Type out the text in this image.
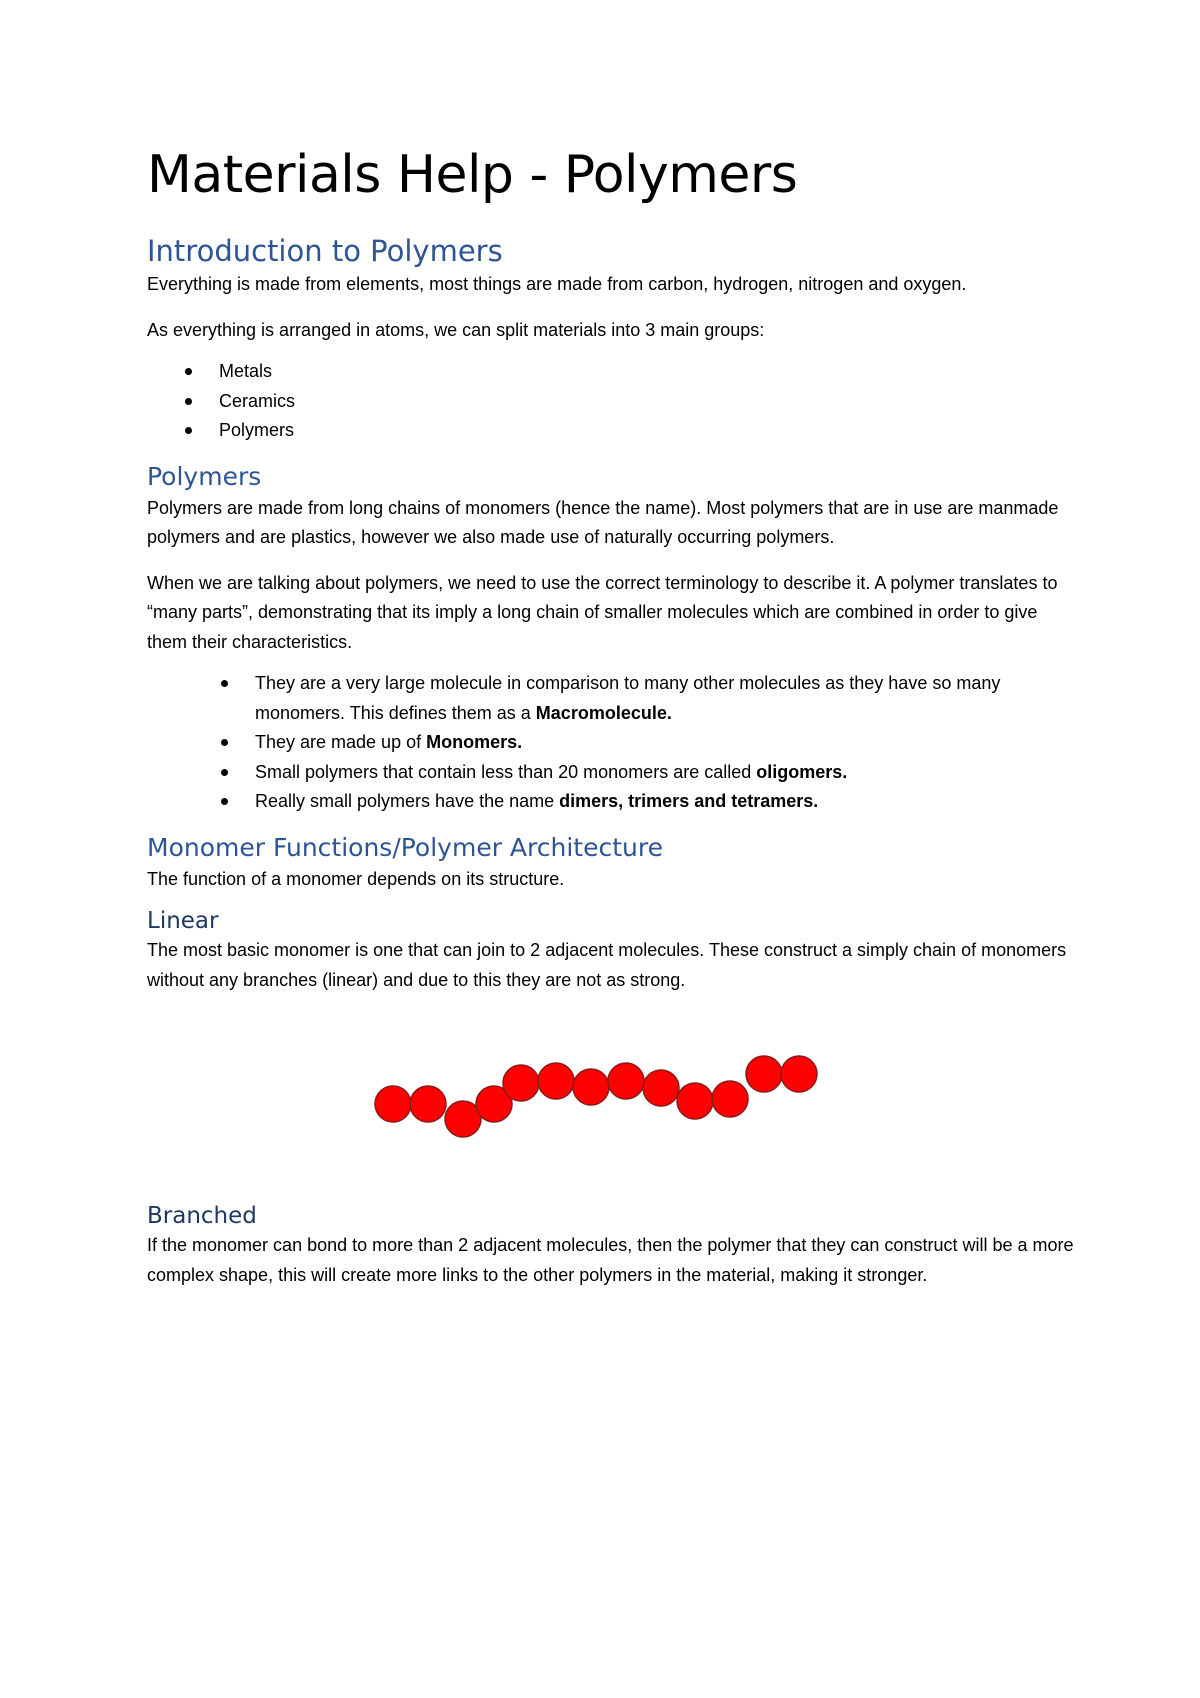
Materials Help - Polymers
Introduction to Polymers

Everything is made from elements, most things are made from carbon, hydrogen, nitrogen and oxygen.

As everything is arranged in atoms, we can split materials into 3 main groups:

Metals
Ceramics
Polymers
Polymers

Polymers are made from long chains of monomers (hence the name). Most polymers that are in use are manmade polymers and are plastics, however we also made use of naturally occurring polymers.

When we are talking about polymers, we need to use the correct terminology to describe it. A polymer translates to “many parts”, demonstrating that its imply a long chain of smaller molecules which are combined in order to give them their characteristics.

They are a very large molecule in comparison to many other molecules as they have so many monomers. This defines them as a Macromolecule.
They are made up of Monomers.
Small polymers that contain less than 20 monomers are called oligomers.
Really small polymers have the name dimers, trimers and tetramers.
Monomer Functions/Polymer Architecture

The function of a monomer depends on its structure.

Linear

The most basic monomer is one that can join to 2 adjacent molecules. These construct a simply chain of monomers without any branches (linear) and due to this they are not as strong.

Branched

If the monomer can bond to more than 2 adjacent molecules, then the polymer that they can construct will be a more complex shape, this will create more links to the other polymers in the material, making it stronger.
